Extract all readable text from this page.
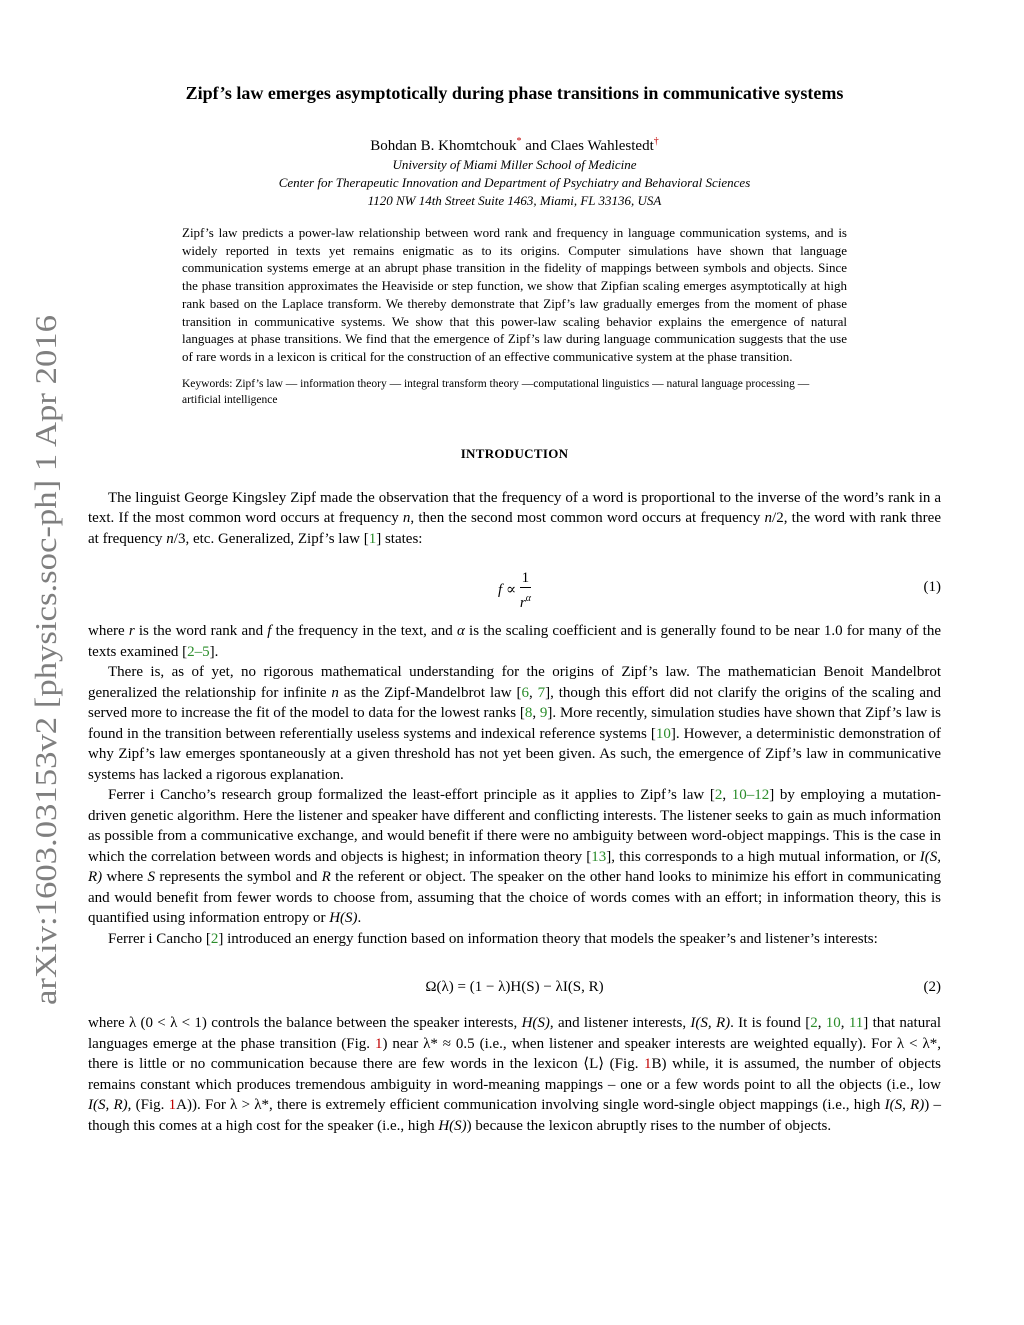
arXiv:1603.03153v2 [physics.soc-ph] 1 Apr 2016
Zipf’s law emerges asymptotically during phase transitions in communicative systems
Bohdan B. Khomtchouk* and Claes Wahlestedt†
University of Miami Miller School of Medicine
Center for Therapeutic Innovation and Department of Psychiatry and Behavioral Sciences
1120 NW 14th Street Suite 1463, Miami, FL 33136, USA

Zipf’s law predicts a power-law relationship between word rank and frequency in language communication systems, and is widely reported in texts yet remains enigmatic as to its origins. Computer simulations have shown that language communication systems emerge at an abrupt phase transition in the fidelity of mappings between symbols and objects. Since the phase transition approximates the Heaviside or step function, we show that Zipfian scaling emerges asymptotically at high rank based on the Laplace transform. We thereby demonstrate that Zipf’s law gradually emerges from the moment of phase transition in communicative systems. We show that this power-law scaling behavior explains the emergence of natural languages at phase transitions. We find that the emergence of Zipf’s law during language communication suggests that the use of rare words in a lexicon is critical for the construction of an effective communicative system at the phase transition.

Keywords: Zipf’s law — information theory — integral transform theory —computational linguistics — natural language processing — artificial intelligence

INTRODUCTION

The linguist George Kingsley Zipf made the observation that the frequency of a word is proportional to the inverse of the word’s rank in a text. If the most common word occurs at frequency n, then the second most common word occurs at frequency n/2, the word with rank three at frequency n/3, etc. Generalized, Zipf’s law [1] states:

$f \propto \frac{1}{r^\alpha}$	(1)

where r is the word rank and f the frequency in the text, and α is the scaling coefficient and is generally found to be near 1.0 for many of the texts examined [2–5].

There is, as of yet, no rigorous mathematical understanding for the origins of Zipf’s law. The mathematician Benoit Mandelbrot generalized the relationship for infinite n as the Zipf-Mandelbrot law [6, 7], though this effort did not clarify the origins of the scaling and served more to increase the fit of the model to data for the lowest ranks [8, 9]. More recently, simulation studies have shown that Zipf’s law is found in the transition between referentially useless systems and indexical reference systems [10]. However, a deterministic demonstration of why Zipf’s law emerges spontaneously at a given threshold has not yet been given. As such, the emergence of Zipf’s law in communicative systems has lacked a rigorous explanation.

Ferrer i Cancho’s research group formalized the least-effort principle as it applies to Zipf’s law [2, 10–12] by employing a mutation-driven genetic algorithm. Here the listener and speaker have different and conflicting interests. The listener seeks to gain as much information as possible from a communicative exchange, and would benefit if there were no ambiguity between word-object mappings. This is the case in which the correlation between words and objects is highest; in information theory [13], this corresponds to a high mutual information, or I(S, R) where S represents the symbol and R the referent or object. The speaker on the other hand looks to minimize his effort in communicating and would benefit from fewer words to choose from, assuming that the choice of words comes with an effort; in information theory, this is quantified using information entropy or H(S).

Ferrer i Cancho [2] introduced an energy function based on information theory that models the speaker’s and listener’s interests:

Ω(λ) = (1 − λ)H(S) − λI(S, R)	(2)

where λ (0 < λ < 1) controls the balance between the speaker interests, H(S), and listener interests, I(S, R). It is found [2, 10, 11] that natural languages emerge at the phase transition (Fig. 1) near λ* ≈ 0.5 (i.e., when listener and speaker interests are weighted equally). For λ < λ*, there is little or no communication because there are few words in the lexicon ⟨L⟩ (Fig. 1B) while, it is assumed, the number of objects remains constant which produces tremendous ambiguity in word-meaning mappings – one or a few words point to all the objects (i.e., low I(S, R), (Fig. 1A)). For λ > λ*, there is extremely efficient communication involving single word-single object mappings (i.e., high I(S, R)) – though this comes at a high cost for the speaker (i.e., high H(S)) because the lexicon abruptly rises to the number of objects.
